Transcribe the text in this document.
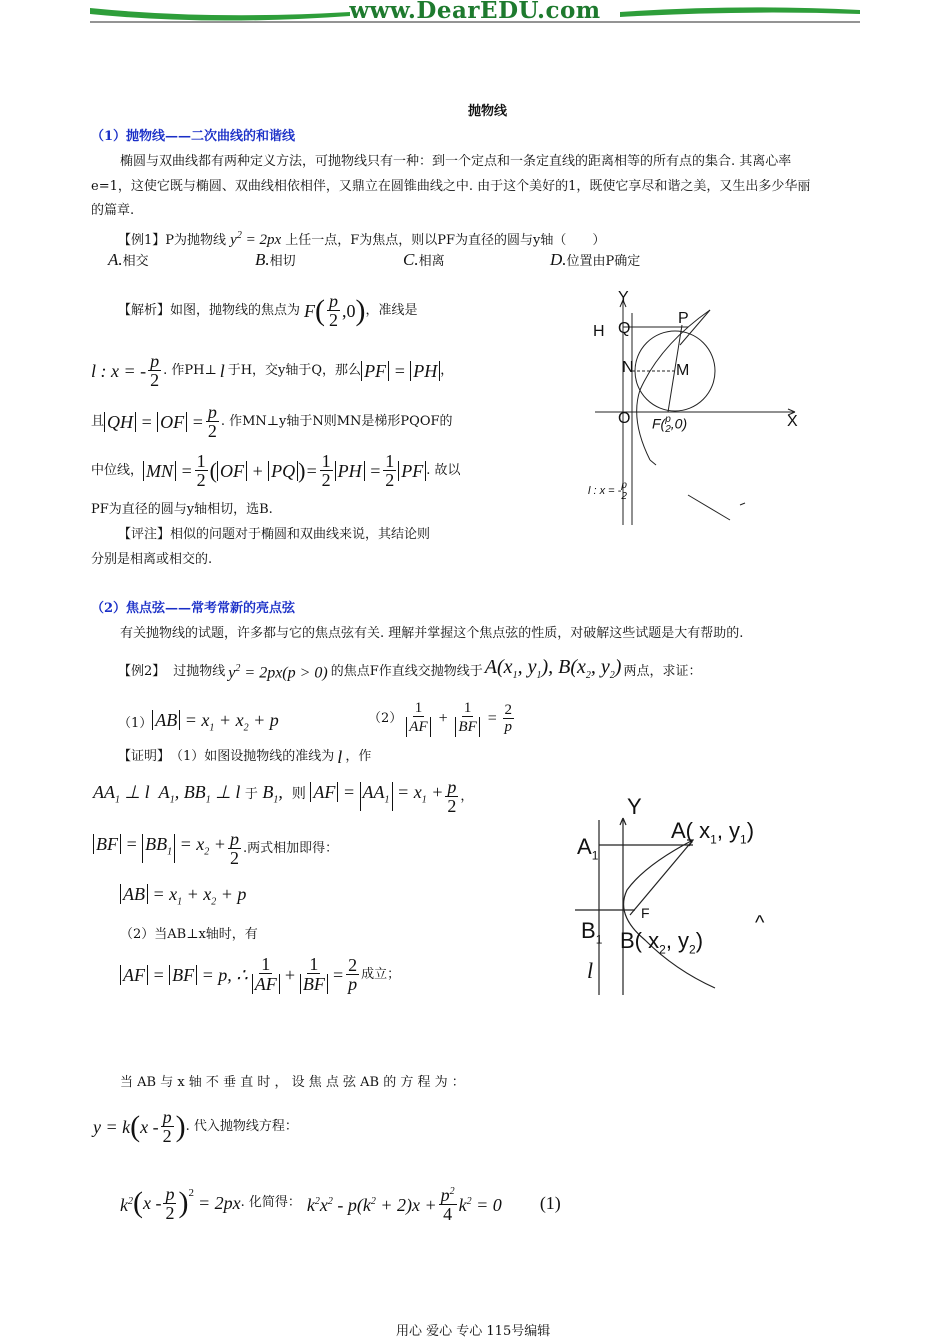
www.DearEDU.com
抛物线
（1）抛物线——二次曲线的和谐线
椭圆与双曲线都有两种定义方法，可抛物线只有一种：到一个定点和一条定直线的距离相等的所有点的集合. 其离心率
e=1，这使它既与椭圆、双曲线相依相伴，又鼎立在圆锥曲线之中. 由于这个美好的1，既使它享尽和谐之美，又生出多少华丽
的篇章.
【例1】P为抛物线 $y^2 = 2px$ 上任一点，F为焦点，则以PF为直径的圆与y轴（　　）
A.相交	B.相切	C.相离	D.位置由P确定
【解析】 如图，抛物线的焦点为 F ( $\frac{p}{2} ,0$ ) ，准线是
l : x = - $\frac{p}{2}$ . 作PH⊥ l 于H，交y轴于Q，那么 PF = PH ，
且 QH = OF = $\frac{p}{2}$ . 作MN⊥y轴于N则MN是梯形PQOF的
中位线， MN = $\frac{1}{2}$ ( OF + PQ ) = $\frac{1}{2}$ PH = $\frac{1}{2}$ PF . 故以
PF为直径的圆与y轴相切，选B.
【评注】相似的问题对于椭圆和双曲线来说，其结论则
分别是相离或相交的.
Y
H Q
P
N	M
O	X
F( p
2 ,0)
l : x = - p
2
（2）焦点弦——常考常新的亮点弦
有关抛物线的试题，许多都与它的焦点弦有关. 理解并掌握这个焦点弦的性质，对破解这些试题是大有帮助的.
【例2】 过抛物线 $y^2 = 2px(p > 0)$ 的焦点F作直线交抛物线于 $A(x_1$, $y_1$), $B(x_2$, $y_2$) 两点，求证：
（1） AB = $x_1 + x_2 + p$	$(2) \frac{1}{AF} + \frac{1}{BF} = \frac{2}{p}$
【证明】 （1）如图设抛物线的准线为 l ，作
$AA_1$ ⊥ l  $A_1$, $BB_1$ ⊥ l 于 $B_1$,  则 AF = $AA_1 = x_1 + \frac{p}{2}$ ，
BF = $BB_1 = x_2 + \frac{p}{2}$ . 两式相加即得：
AB = $x_1 + x_2 + p$
（2）当AB⊥x轴时，有
AF = BF = p, ∴ $\frac{1}{AF} + \frac{1}{BF} = \frac{2}{p}$ 成立；
当 AB 与 x 轴 不 垂 直 时 ， 设 焦 点 弦 AB 的 方 程 为 ：
y = k ( x - $\frac{p}{2}$ ) . 代入抛物线方程：
$k^2$ ( x - $\frac{p}{2}$ ) 2 = 2px . 化简得： $k^2x^2 - p(k^2 + 2)x + \frac{p^2}{4} k^2 = 0$ (1)
Y
$A_1$
A( $x_1$, $y_1$)
$B_1$ B( $x_2$, $y_2$)
F
l
^
用心 爱心 专心 115号编辑
